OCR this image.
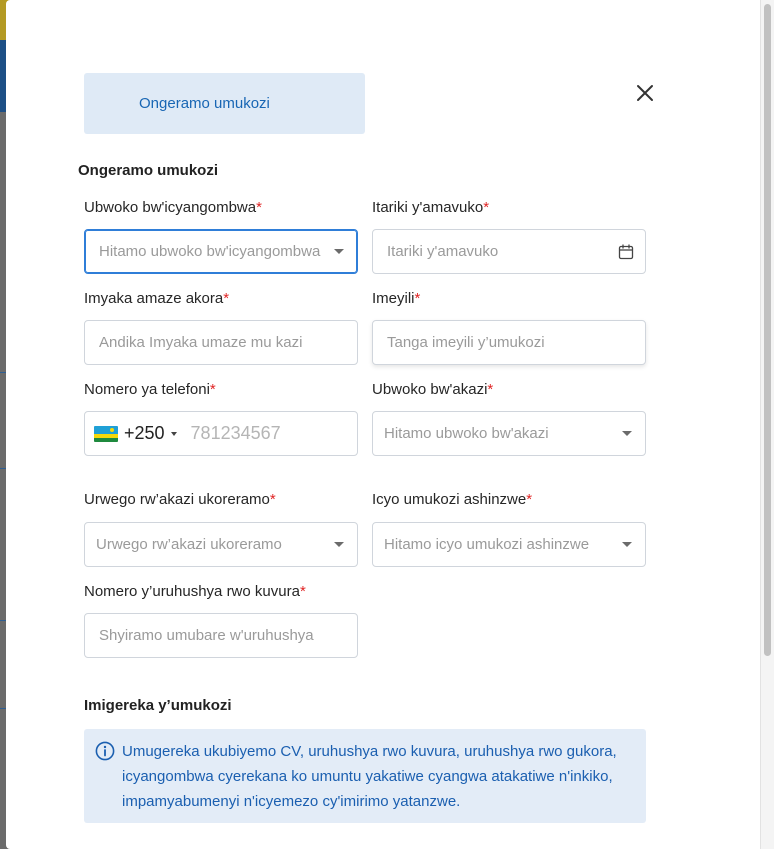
Ongeramo umukozi
Ongeramo umukozi
Ubwoko bw'icyangombwa*
Hitamo ubwoko bw'icyangombwa
Itariki y'amavuko*
Itariki y'amavuko
Imyaka amaze akora*
Andika Imyaka umaze mu kazi
Imeyili*
Tanga imeyili y’umukozi
Nomero ya telefoni*
+250 781234567
Ubwoko bw'akazi*
Hitamo ubwoko bw'akazi
Urwego rw’akazi ukoreramo*
Urwego rw’akazi ukoreramo
Icyo umukozi ashinzwe*
Hitamo icyo umukozi ashinzwe
Nomero y’uruhushya rwo kuvura*
Shyiramo umubare w'uruhushya
Imigereka y’umukozi
Umugereka ukubiyemo CV, uruhushya rwo kuvura, uruhushya rwo gukora, icyangombwa cyerekana ko umuntu yakatiwe cyangwa atakatiwe n'inkiko, impamyabumenyi n'icyemezo cy'imirimo yatanzwe.
